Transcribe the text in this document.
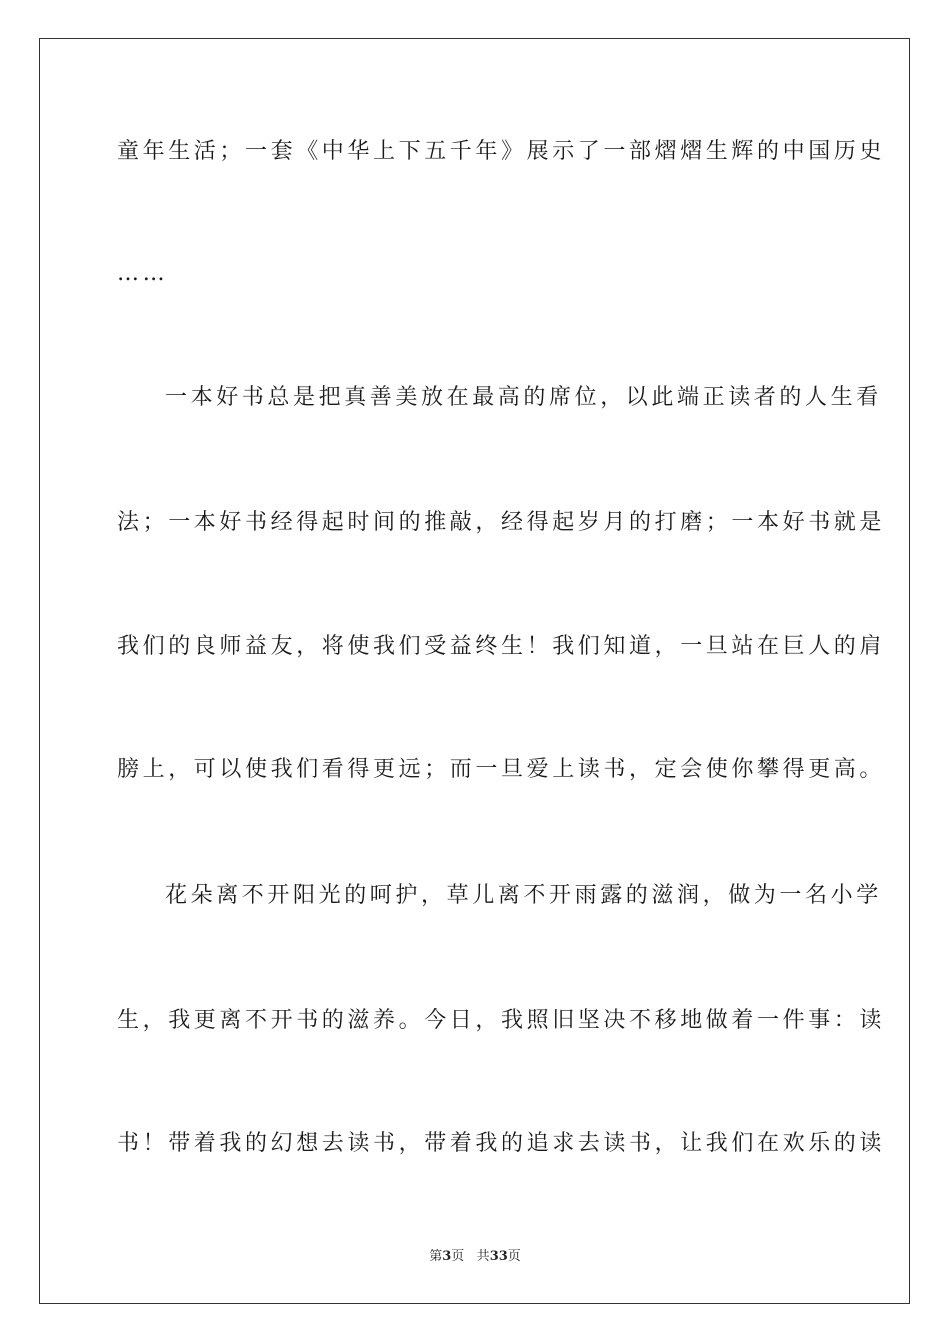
童年生活；一套《中华上下五千年》展示了一部熠熠生辉的中国历史
……
一本好书总是把真善美放在最高的席位，以此端正读者的人生看
法；一本好书经得起时间的推敲，经得起岁月的打磨；一本好书就是
我们的良师益友，将使我们受益终生！我们知道，一旦站在巨人的肩
膀上，可以使我们看得更远；而一旦爱上读书，定会使你攀得更高。
花朵离不开阳光的呵护，草儿离不开雨露的滋润，做为一名小学
生，我更离不开书的滋养。今日，我照旧坚决不移地做着一件事：读
书！带着我的幻想去读书，带着我的追求去读书，让我们在欢乐的读
第3页 共33页
